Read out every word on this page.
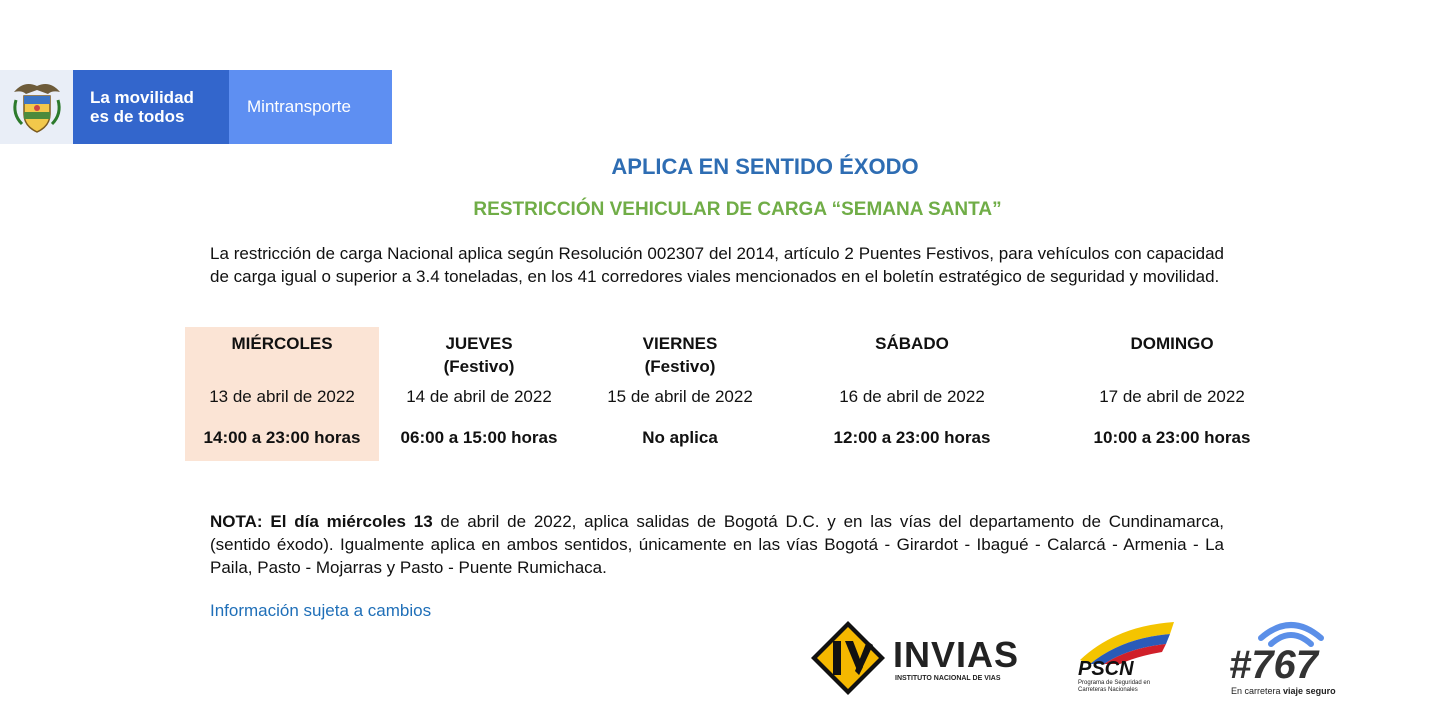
La movilidad
es de todos
Mintransporte
APLICA EN SENTIDO ÉXODO
RESTRICCIÓN VEHICULAR DE CARGA “SEMANA SANTA”
La restricción de carga Nacional aplica según Resolución 002307 del 2014, artículo 2 Puentes Festivos, para vehículos con capacidad de carga igual o superior a 3.4 toneladas, en los 41 corredores viales mencionados en el boletín estratégico de seguridad y movilidad.
MIÉRCOLES

13 de abril de 2022
14:00 a 23:00 horas
JUEVES
(Festivo)
14 de abril de 2022
06:00 a 15:00 horas
VIERNES
(Festivo)
15 de abril de 2022
No aplica
SÁBADO

16 de abril de 2022
12:00 a 23:00 horas
DOMINGO

17 de abril de 2022
10:00 a 23:00 horas
NOTA: El día miércoles 13 de abril de 2022, aplica salidas de Bogotá D.C. y en las vías del departamento de Cundinamarca, (sentido éxodo). Igualmente aplica en ambos sentidos, únicamente en las vías Bogotá - Girardot - Ibagué - Calarcá - Armenia - La Paila, Pasto - Mojarras y Pasto - Puente Rumichaca.
Información sujeta a cambios
INVIAS
INSTITUTO NACIONAL DE VIAS	PSCN
Programa de Seguridad en
Carreteras Nacionales
#767
En carretera viaje seguro
